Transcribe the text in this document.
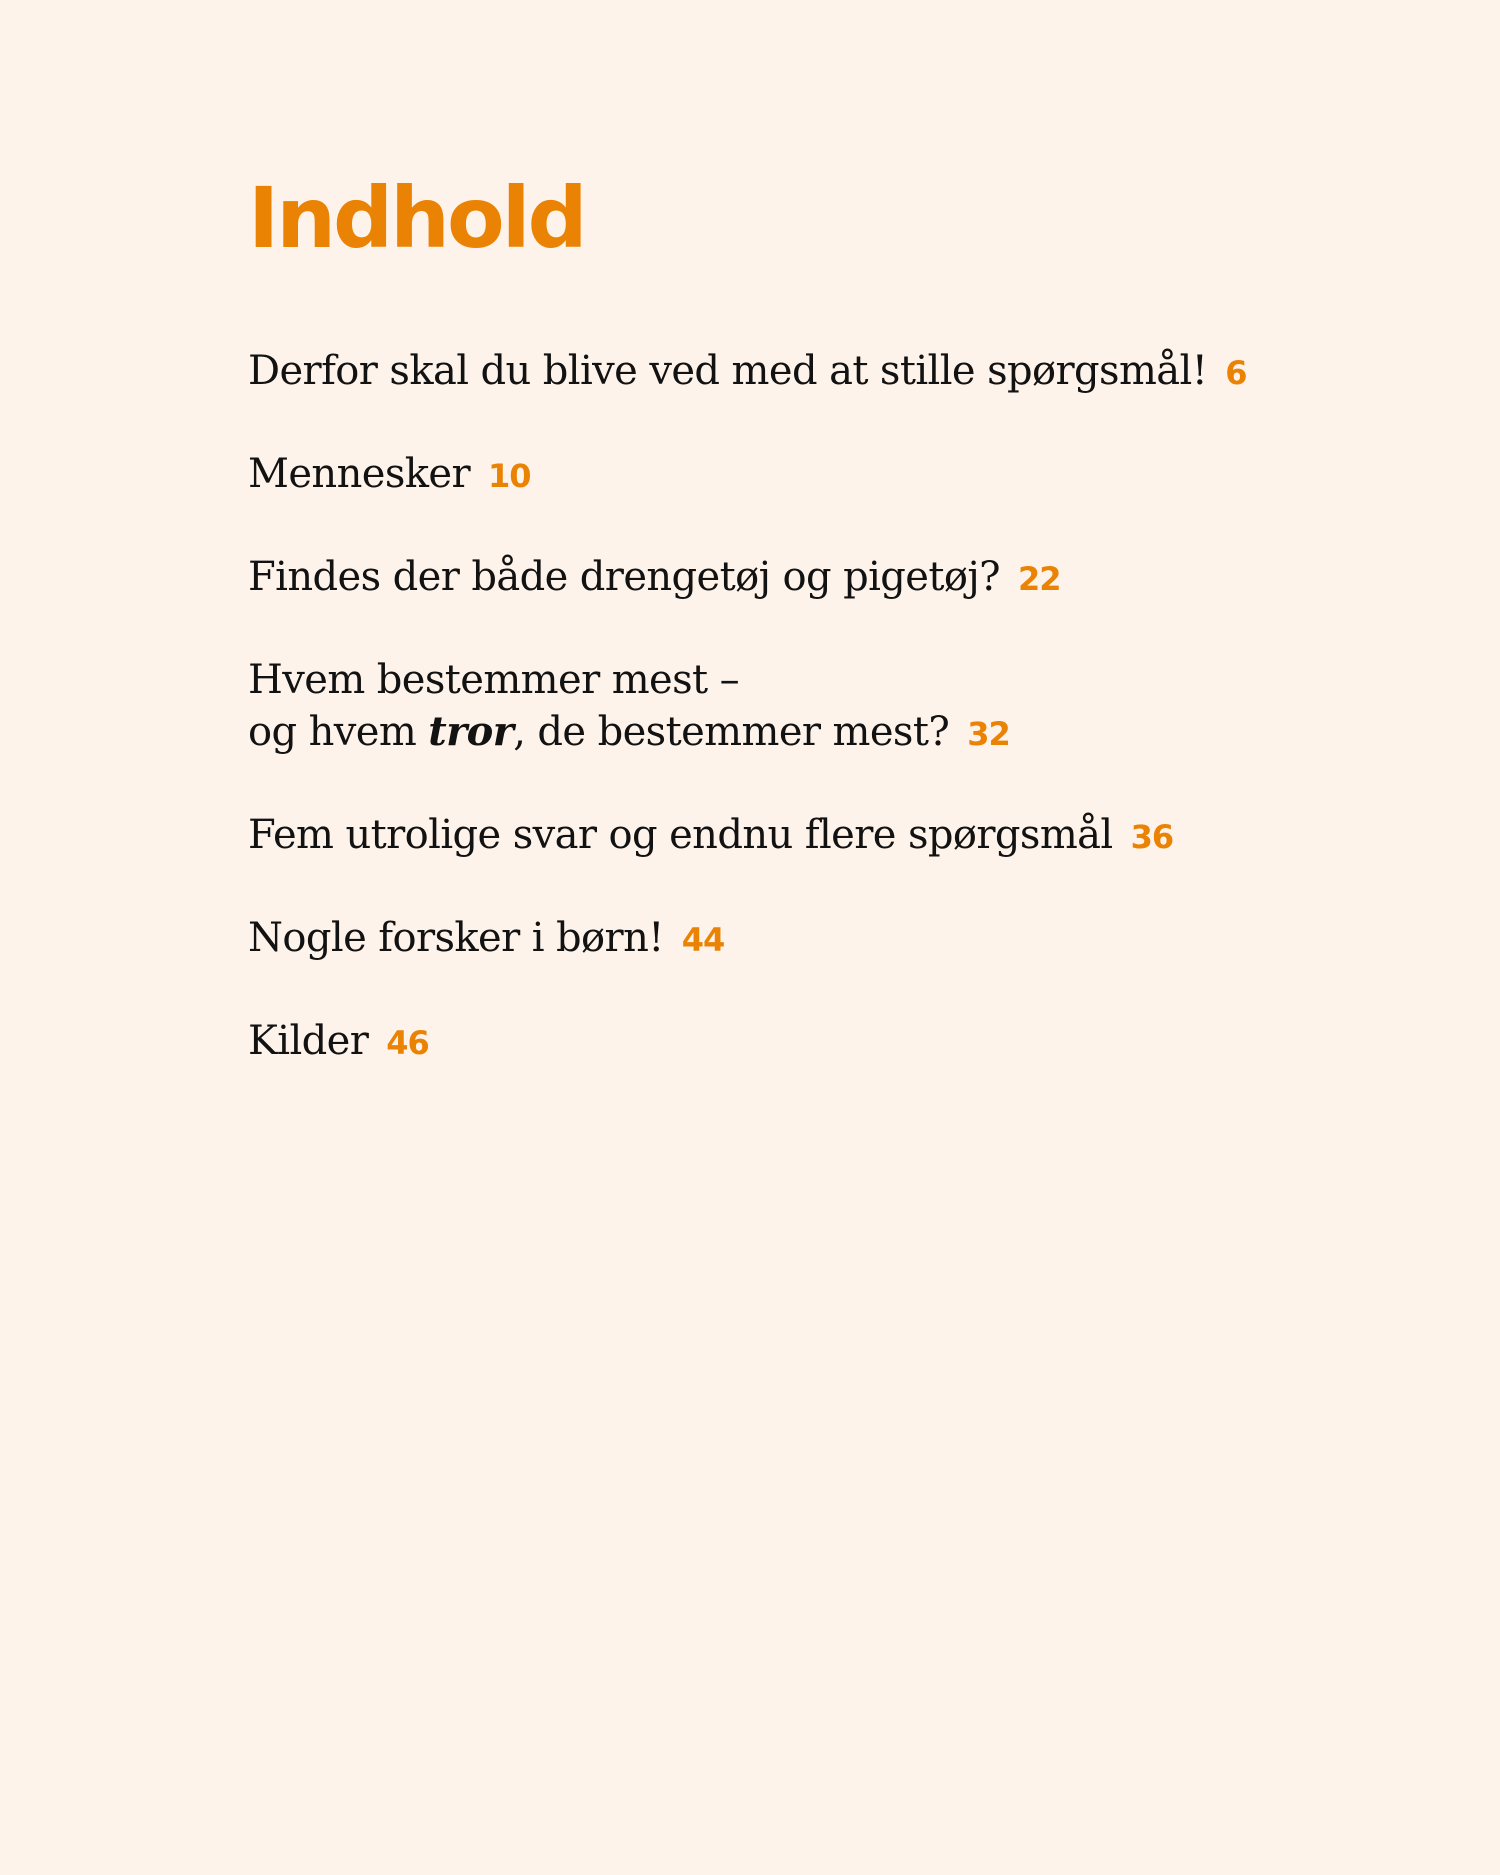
Indhold
Derfor skal du blive ved med at stille spørgsmål! 6
Mennesker 10
Findes der både drengetøj og pigetøj? 22
Hvem bestemmer mest –
og hvem tror, de bestemmer mest? 32
Fem utrolige svar og endnu flere spørgsmål 36
Nogle forsker i børn! 44
Kilder 46
